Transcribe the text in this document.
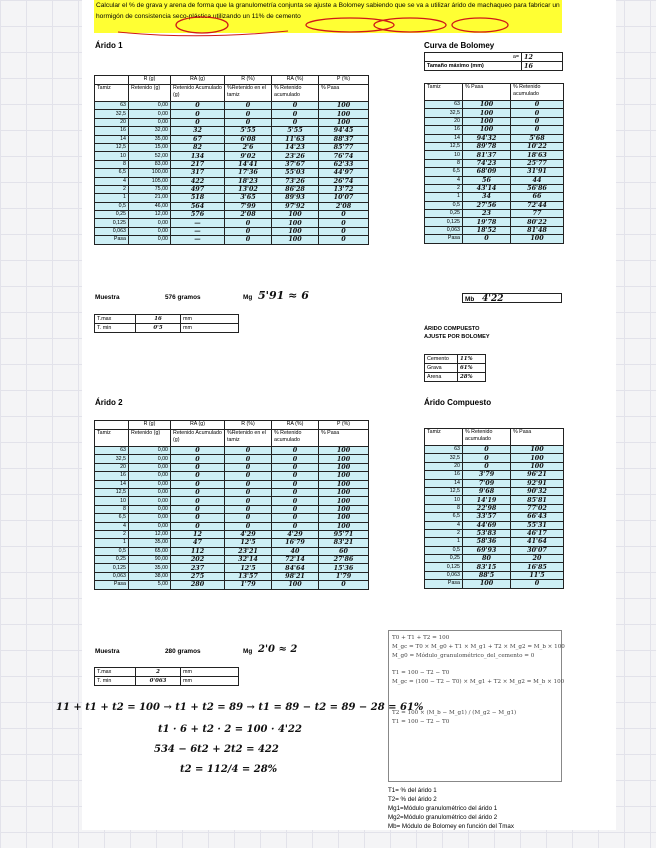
Calcular el % de grava y arena de forma que la granulometría conjunta se ajuste a Bolomey sabiendo que se va a utilizar árido de machaqueo para fabricar un hormigón de consistencia seco-plástica utilizando un 11% de cemento
Árido 1
	R (g)	RA (g)	R (%)	RA (%)	P (%)
Tamiz	Retenido (g)	Retenido Acumulado (g)	%Retenido en el tamiz	% Retenido acumulado	% Pasa
63	0,00	0	0	0	100
32,5	0,00	0	0	0	100
20	0,00	0	0	0	100
16	32,00	32	5'55	5'55	94'45
14	35,00	67	6'08	11'63	88'37
12,5	15,00	82	2'6	14'23	85'77
10	52,00	134	9'02	23'26	76'74
8	83,00	217	14'41	37'67	62'33
6,5	100,00	317	17'36	55'03	44'97
4	105,00	422	18'23	73'26	26'74
2	75,00	497	13'02	86'28	13'72
1	21,00	518	3'65	89'93	10'07
0,5	46,00	564	7'99	97'92	2'08
0,25	12,00	576	2'08	100	0
0,125	0,00	—	0	100	0
0,063	0,00	—	0	100	0
Pasa	0,00	—	0	100	0
Muestra	576 gramos	Mg 5'91 ≈ 6
T.max	16	mm
T. min	0'5	mm
Curva de Bolomey
a=	12
Tamaño máximo (mm)	16
Tamiz	% Pasa	% Retenido acumulado
63	100	0
32,5	100	0
20	100	0
16	100	0
14	94'32	5'68
12,5	89'78	10'22
10	81'37	18'63
8	74'23	25'77
6,5	68'09	31'91
4	56	44
2	43'14	56'86
1	34	66
0,5	27'56	72'44
0,25	23	77
0,125	19'78	80'22
0,063	18'52	81'48
Pasa	0	100
Mb 4'22
ÁRIDO COMPUESTO
AJUSTE POR BOLOMEY
Cemento	11%
Grava	61%
Arena	28%
Árido 2
	R (g)	RA (g)	R (%)	RA (%)	P (%)
Tamiz	Retenido (g)	Retenido Acumulado (g)	%Retenido en el tamiz	% Retenido acumulado	% Pasa
63	0,00	0	0	0	100
32,5	0,00	0	0	0	100
20	0,00	0	0	0	100
16	0,00	0	0	0	100
14	0,00	0	0	0	100
12,5	0,00	0	0	0	100
10	0,00	0	0	0	100
8	0,00	0	0	0	100
6,5	0,00	0	0	0	100
4	0,00	0	0	0	100
2	12,00	12	4'29	4'29	95'71
1	35,00	47	12'5	16'79	83'21
0,5	65,00	112	23'21	40	60
0,25	90,00	202	32'14	72'14	27'86
0,125	35,00	237	12'5	84'64	15'36
0,063	38,00	275	13'57	98'21	1'79
Pasa	5,00	280	1'79	100	0
Muestra	280 gramos	Mg 2'0 ≈ 2
T.max	2	mm
T. min	0'063	mm
Árido Compuesto
Tamiz	% Retenido acumulado	% Pasa
63	0	100
32,5	0	100
20	0	100
16	3'79	96'21
14	7'09	92'91
12,5	9'68	90'32
10	14'19	85'81
8	22'98	77'02
6,5	33'57	66'43
4	44'69	55'31
2	53'83	46'17
1	58'36	41'64
0,5	69'93	30'07
0,25	80	20
0,125	83'15	16'85
0,063	88'5	11'5
Pasa	100	0
T0 + T1 + T2 = 100
M_gc = T0 × M_g0 + T1 × M_g1 + T2 × M_g2 = M_b × 100
M_g0 = Módulo_granulométrico_del_cemento = 0
T1 = 100 − T2 − T0
M_gc = (100 − T2 − T0) × M_g1 + T2 × M_g2 = M_b × 100
T2 = 100 × (M_b − M_g1) / (M_g2 − M_g1)
T1 = 100 − T2 − T0
T1= % del árido 1
T2= % del árido 2
Mg1=Módulo granulométrico del árido 1
Mg2=Módulo granulométrico del árido 2
Mb= Módulo de Bolomey en función del Tmax
11 + t1 + t2 = 100 → t1 + t2 = 89 → t1 = 89 − t2 = 89 − 28 = 61%
t1 · 6 + t2 · 2 = 100 · 4'22
534 − 6t2 + 2t2 = 422
t2 = 112/4 = 28%
